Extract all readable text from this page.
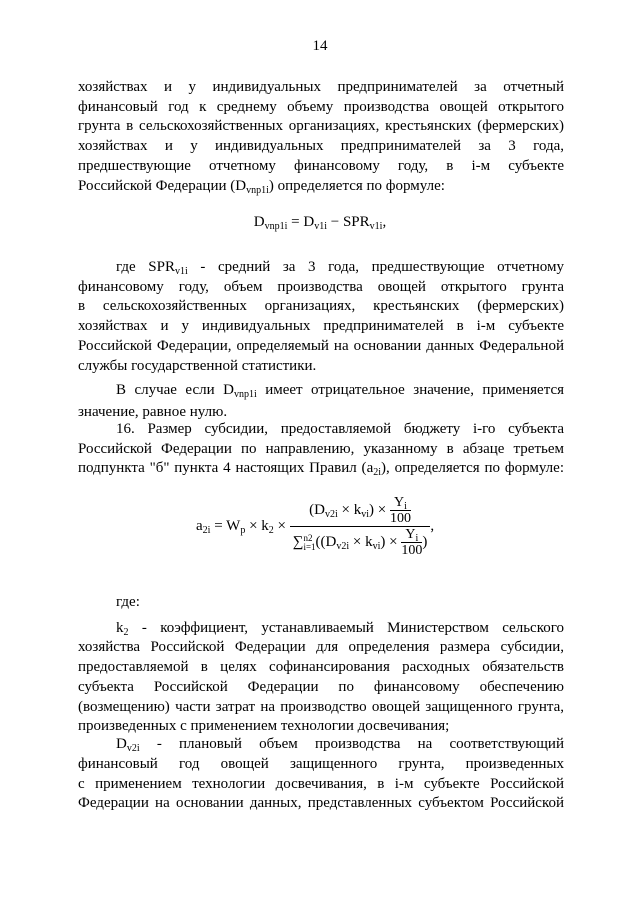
14

хозяйствах и у индивидуальных предпринимателей за отчетный

финансовый год к среднему объему производства овощей открытого

грунта в сельскохозяйственных организациях, крестьянских (фермерских)

хозяйствах и у индивидуальных предпринимателей за 3 года,

предшествующие отчетному финансовому году, в i-м субъекте

Российской Федерации $(D_{vnp1i})$ определяется по формуле:

$D_{vnp1i} = D_{v1i} - SPR_{v1i}$,

где $SPR_{v1i}$ - средний за 3 года, предшествующие отчетному

финансовому году, объем производства овощей открытого грунта

в сельскохозяйственных организациях, крестьянских (фермерских)

хозяйствах и у индивидуальных предпринимателей в i-м субъекте

Российской Федерации, определяемый на основании данных Федеральной

службы государственной статистики.

В случае если $D_{vnp1i}$ имеет отрицательное значение, применяется

значение, равное нулю.

16. Размер субсидии, предоставляемой бюджету i-го субъекта

Российской Федерации по направлению, указанному в абзаце третьем

подпункта "б" пункта 4 настоящих Правил $(a_{2i})$, определяется по формуле:

$a_{2i} = W_p \times k_2$ ×
$(D_{v2i} \times k_{vi}) \times Y_i$
100
∑ n2
i=1 ($(D_{v2i} \times k_{vi}) \times Y_i$
100)
,

где:

$k_2$ - коэффициент, устанавливаемый Министерством сельского

хозяйства Российской Федерации для определения размера субсидии,

предоставляемой в целях софинансирования расходных обязательств

субъекта Российской Федерации по финансовому обеспечению

(возмещению) части затрат на производство овощей защищенного грунта,

произведенных с применением технологии досвечивания;

$D_{v2i}$ - плановый объем производства на соответствующий

финансовый год овощей защищенного грунта, произведенных

с применением технологии досвечивания, в i-м субъекте Российской

Федерации на основании данных, представленных субъектом Российской
